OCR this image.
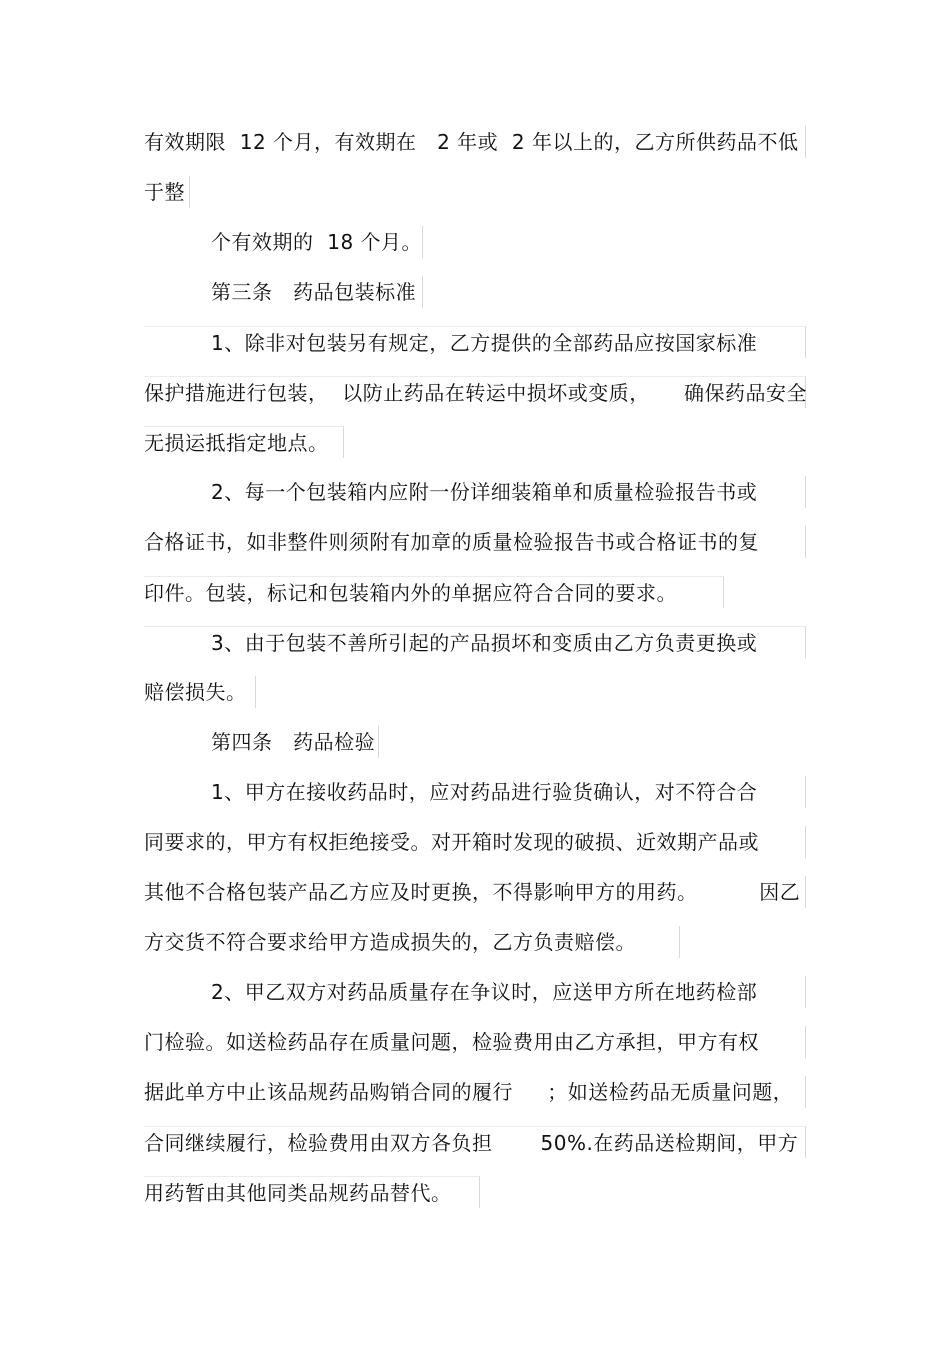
有效期限  12 个月，有效期在   2 年或  2 年以上的，乙方所供药品不低
于整
个有效期的  18 个月。
第三条   药品包装标准
1、除非对包装另有规定，乙方提供的全部药品应按国家标准
保护措施进行包装，  以防止药品在转运中损坏或变质，     确保药品安全
无损运抵指定地点。
2、每一个包装箱内应附一份详细装箱单和质量检验报告书或
合格证书，如非整件则须附有加章的质量检验报告书或合格证书的复
印件。包装，标记和包装箱内外的单据应符合合同的要求。
3、由于包装不善所引起的产品损坏和变质由乙方负责更换或
赔偿损失。
第四条   药品检验
1、甲方在接收药品时，应对药品进行验货确认，对不符合合
同要求的，甲方有权拒绝接受。对开箱时发现的破损、近效期产品或
其他不合格包装产品乙方应及时更换，不得影响甲方的用药。         因乙
方交货不符合要求给甲方造成损失的，乙方负责赔偿。
2、甲乙双方对药品质量存在争议时，应送甲方所在地药检部
门检验。如送检药品存在质量问题，检验费用由乙方承担，甲方有权
据此单方中止该品规药品购销合同的履行     ；如送检药品无质量问题，
合同继续履行，检验费用由双方各负担       50%.在药品送检期间，甲方
用药暂由其他同类品规药品替代。
